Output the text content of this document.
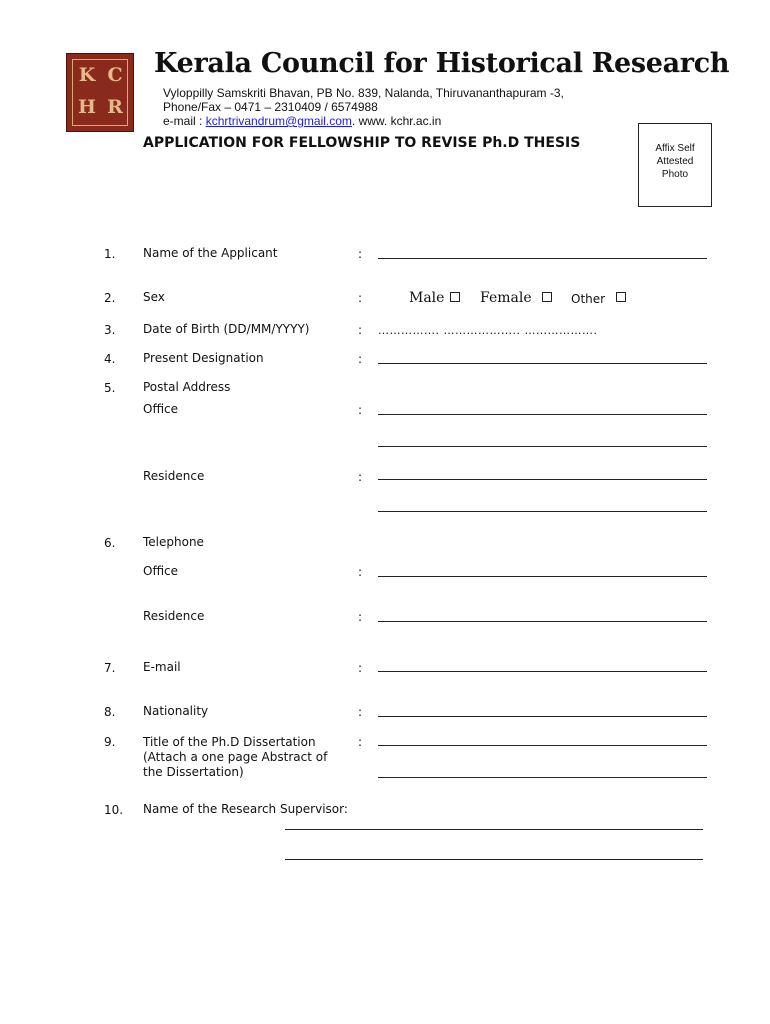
K C
H R
Kerala Council for Historical Research
Vyloppilly Samskriti Bhavan, PB No. 839, Nalanda, Thiruvananthapuram -3,
Phone/Fax – 0471 – 2310409 / 6574988
e-mail : kchrtrivandrum@gmail.com. www. kchr.ac.in
APPLICATION FOR FELLOWSHIP TO REVISE Ph.D THESIS	Affix Self
Attested
Photo
1. Name of the Applicant	:
2. Sex	:	Male	Female	Other
3. Date of Birth (DD/MM/YYYY)	: ……………. ……………….. ……………….
4. Present Designation	:
5. Postal Address
Office	:
Residence	:
6. Telephone
Office	:
Residence	:
7. E-mail	:
8. Nationality	:
9. Title of the Ph.D Dissertation
(Attach a one page Abstract of
the Dissertation)
:
10. Name of the Research Supervisor:
